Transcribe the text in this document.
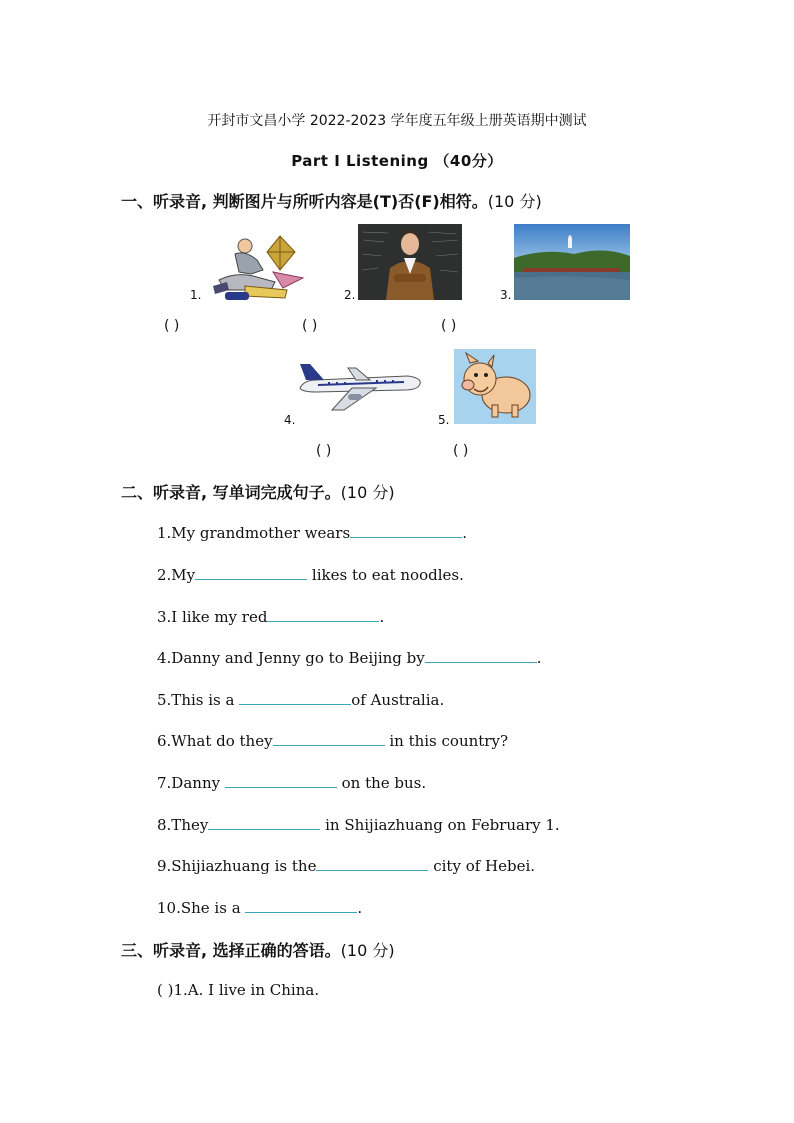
开封市文昌小学 2022-2023 学年度五年级上册英语期中测试
Part I Listening （40分）
一、听录音, 判断图片与所听内容是(T)否(F)相符。(10 分)
1.	2.	3.
( )	( )	( )
4.	5.
( )	( )
二、听录音, 写单词完成句子。(10 分)
1.My grandmother wears	.
2.My	likes to eat noodles.
3.I like my red	.
4.Danny and Jenny go to Beijing by	.
5.This is a	of Australia.
6.What do they	in this country?
7.Danny	on the bus.
8.They	in Shijiazhuang on February 1.
9.Shijiazhuang is the	city of Hebei.
10.She is a	.
三、听录音, 选择正确的答语。(10 分)
( )1.A. I live in China.
